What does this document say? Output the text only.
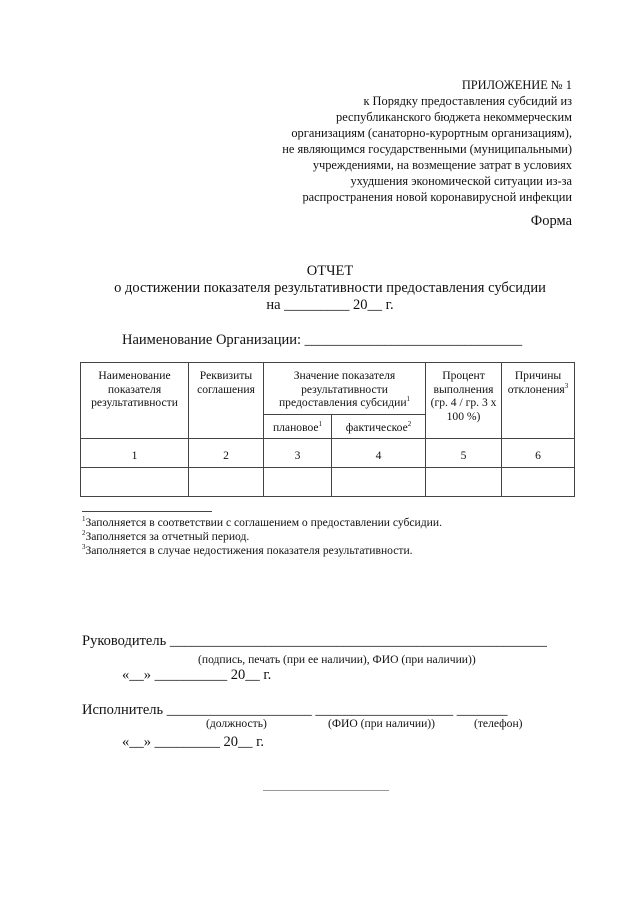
ПРИЛОЖЕНИЕ № 1
к Порядку предоставления субсидий из
республиканского бюджета некоммерческим
организациям (санаторно-курортным организациям),
не являющимся государственными (муниципальными)
учреждениями, на возмещение затрат в условиях
ухудшения экономической ситуации из-за
распространения новой коронавирусной инфекции
Форма
ОТЧЕТ
о достижении показателя результативности предоставления субсидии
на _________ 20__ г.
Наименование Организации: ______________________________
Наименование показателя результативности	Реквизиты соглашения	Значение показателя результативности предоставления субсидии$^1$		Процент выполнения (гр. 4 / гр. 3 х 100 %)	Причины отклонения$^3$
		плановое$^1$	фактическое$^2$
1	2	3	4	5	6

$^1$Заполняется в соответствии с соглашением о предоставлении субсидии.
$^2$Заполняется за отчетный период.
$^3$Заполняется в случае недостижения показателя результативности.
Руководитель ____________________________________________________
(подпись, печать (при ее наличии), ФИО (при наличии))
«__» __________ 20__ г.
Исполнитель ____________________ ___________________ _______
(должность)	(ФИО (при наличии))	(телефон)
«__» _________ 20__ г.
